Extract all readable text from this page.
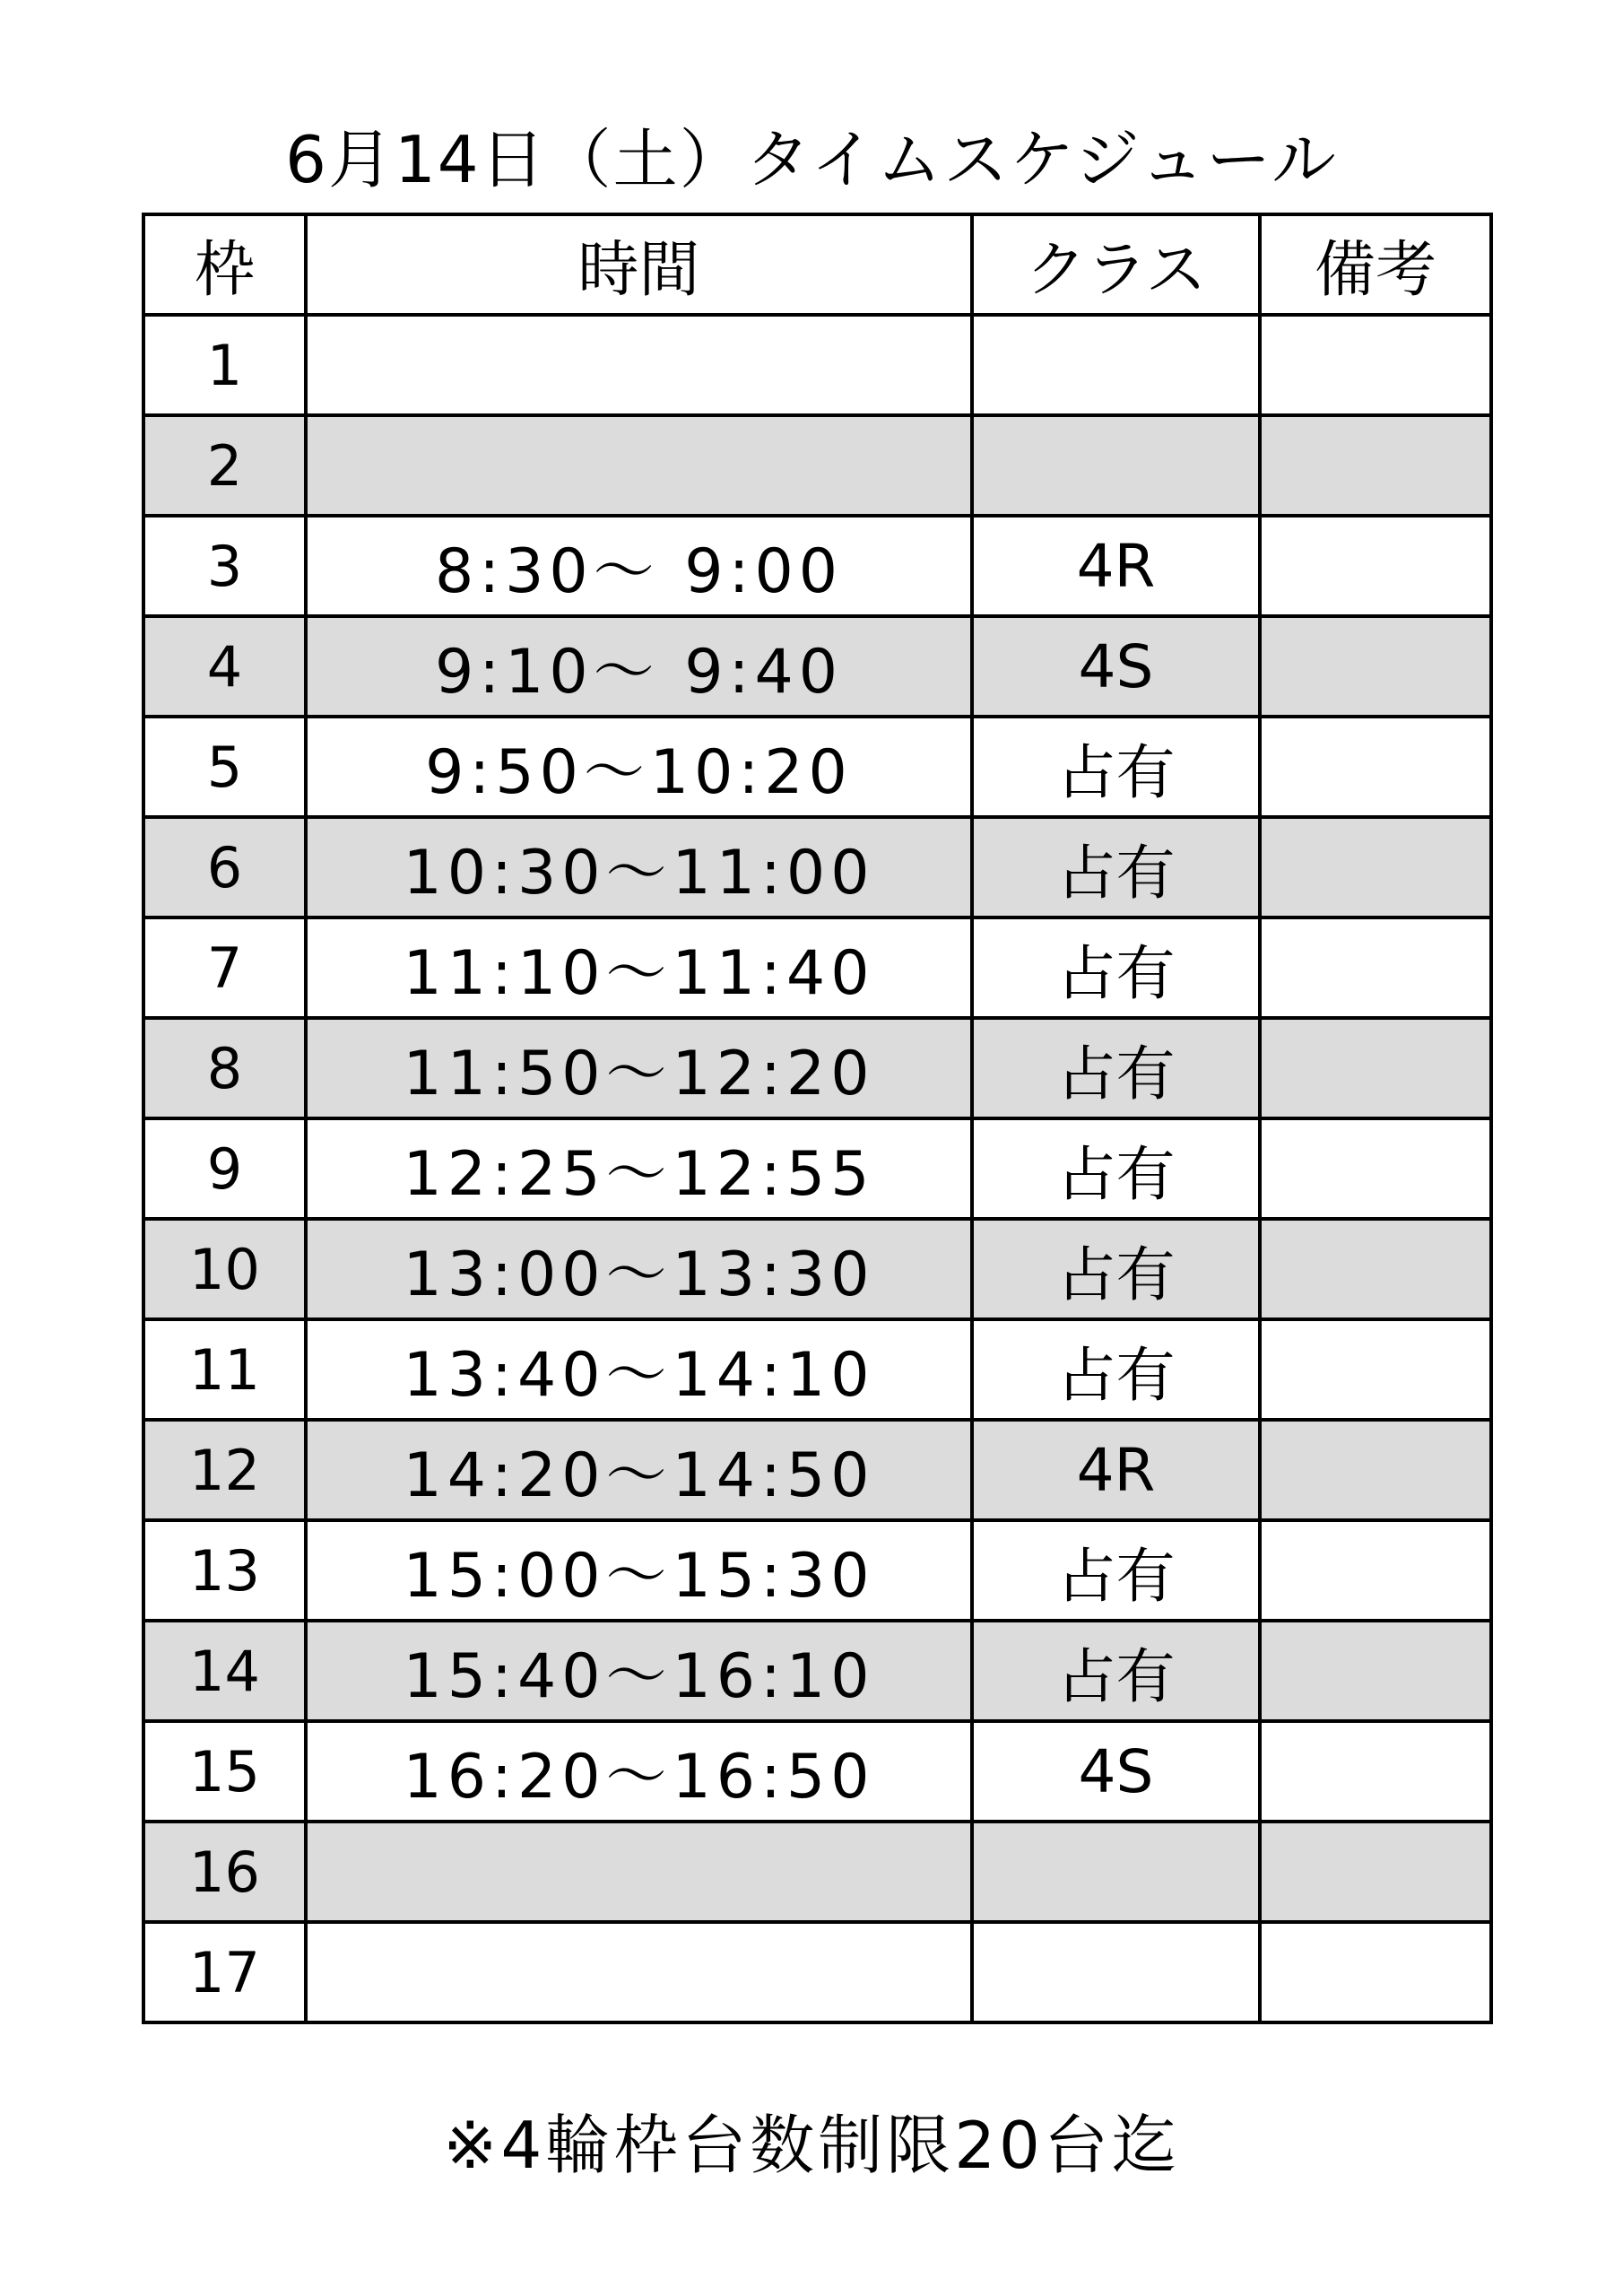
6月14日（土）タイムスケジュール
枠	時間	クラス	備考
1			
2			
3	8:30～ 9:00	4R	
4	9:10～ 9:40	4S	
5	9:50～10:20	占有	
6	10:30～11:00	占有	
7	11:10～11:40	占有	
8	11:50～12:20	占有	
9	12:25～12:55	占有	
10	13:00～13:30	占有	
11	13:40～14:10	占有	
12	14:20～14:50	4R	
13	15:00～15:30	占有	
14	15:40～16:10	占有	
15	16:20～16:50	4S	
16			
17			
※4輪枠台数制限20台迄
